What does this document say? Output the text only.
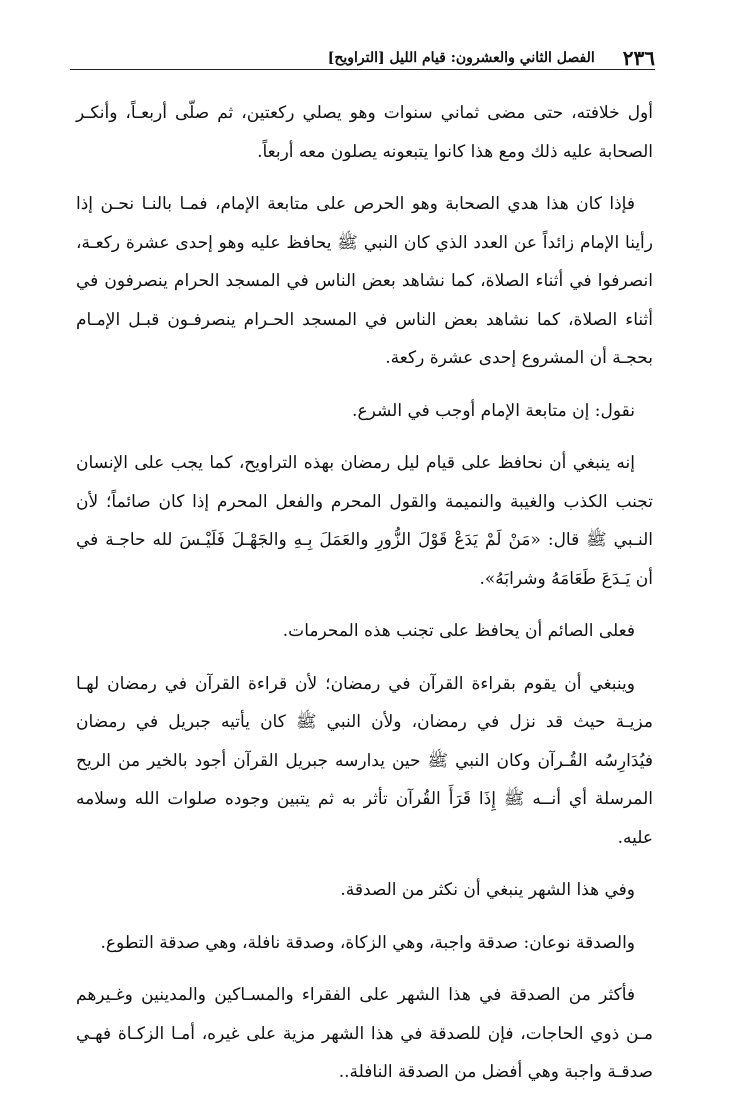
٢٣٦
الفصل الثاني والعشرون: قيام الليل [التراويح]

أول خلافته، حتى مضى ثماني سنوات وهو يصلي ركعتين، ثم صلّى أربعـاً، وأنكـر الصحابة عليه ذلك ومع هذا كانوا يتبعونه يصلون معه أربعاً.

فإذا كان هذا هدي الصحابة وهو الحرص على متابعة الإمام، فمـا بالنـا نحـن إذا رأينا الإمام زائداً عن العدد الذي كان النبي ﷺ يحافظ عليه وهو إحدى عشرة ركعـة، انصرفوا في أثناء الصلاة، كما نشاهد بعض الناس في المسجد الحرام ينصرفون في أثناء الصلاة، كما نشاهد بعض الناس في المسجد الحـرام ينصرفـون قبـل الإمـام بحجـة أن المشروع إحدى عشرة ركعة.

نقول: إن متابعة الإمام أوجب في الشرع.

إنه ينبغي أن نحافظ على قيام ليل رمضان بهذه التراويح، كما يجب على الإنسان تجنب الكذب والغيبة والنميمة والقول المحرم والفعل المحرم إذا كان صائماً؛ لأن النـبي ﷺ قال: «مَنْ لَمْ يَدَعْ قَوْلَ الزُّورِ والعَمَلَ بِـهِ والجَهْـلَ فَلَيْـسَ لله حاجـة في أن يَـدَعَ طَعَامَهُ وشرابَهُ».

فعلى الصائم أن يحافظ على تجنب هذه المحرمات.

وينبغي أن يقوم بقراءة القرآن في رمضان؛ لأن قراءة القرآن في رمضان لهـا مزيـة حيث قد نزل في رمضان، ولأن النبي ﷺ كان يأتيه جبريل في رمضان فيُدَارِسُه القُـرآن وكان النبي ﷺ حين يدارسه جبريل القرآن أجود بالخير من الريح المرسلة أي أنــه ﷺ إِذَا قَرَأَ القُرآن تأثر به ثم يتبين وجوده صلوات الله وسلامه عليه.

وفي هذا الشهر ينبغي أن نكثر من الصدقة.

والصدقة نوعان: صدقة واجبة، وهي الزكاة، وصدقة نافلة، وهي صدقة التطوع.

فأكثر من الصدقة في هذا الشهر على الفقراء والمسـاكين والمدينين وغـيرهم مـن ذوي الحاجات، فإن للصدقة في هذا الشهر مزية على غيره، أمـا الزكـاة فهـي صدقـة واجبة وهي أفضل من الصدقة النافلة..
